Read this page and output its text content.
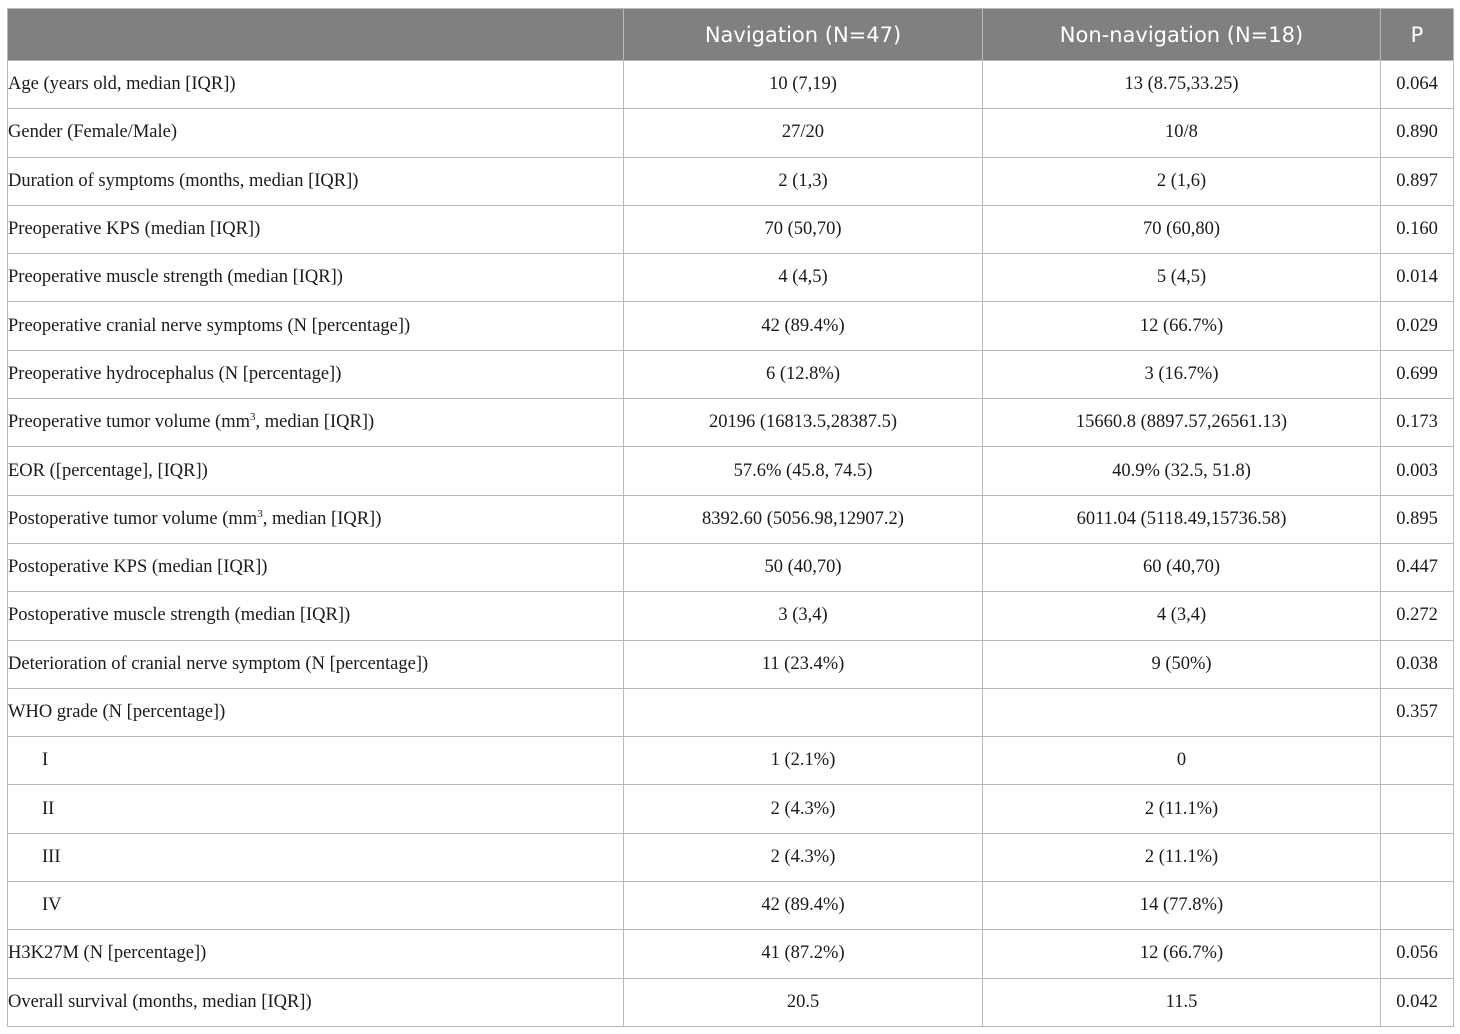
	Navigation (N=47)	Non-navigation (N=18)	P
Age (years old, median [IQR])	10 (7,19)	13 (8.75,33.25)	0.064
Gender (Female/Male)	27/20	10/8	0.890
Duration of symptoms (months, median [IQR])	2 (1,3)	2 (1,6)	0.897
Preoperative KPS (median [IQR])	70 (50,70)	70 (60,80)	0.160
Preoperative muscle strength (median [IQR])	4 (4,5)	5 (4,5)	0.014
Preoperative cranial nerve symptoms (N [percentage])	42 (89.4%)	12 (66.7%)	0.029
Preoperative hydrocephalus (N [percentage])	6 (12.8%)	3 (16.7%)	0.699
Preoperative tumor volume ($mm^3$, median [IQR])	20196 (16813.5,28387.5)	15660.8 (8897.57,26561.13)	0.173
EOR ([percentage], [IQR])	57.6% (45.8, 74.5)	40.9% (32.5, 51.8)	0.003
Postoperative tumor volume ($mm^3$, median [IQR])	8392.60 (5056.98,12907.2)	6011.04 (5118.49,15736.58)	0.895
Postoperative KPS (median [IQR])	50 (40,70)	60 (40,70)	0.447
Postoperative muscle strength (median [IQR])	3 (3,4)	4 (3,4)	0.272
Deterioration of cranial nerve symptom (N [percentage])	11 (23.4%)	9 (50%)	0.038
WHO grade (N [percentage])			0.357
I	1 (2.1%)	0	
II	2 (4.3%)	2 (11.1%)	
III	2 (4.3%)	2 (11.1%)	
IV	42 (89.4%)	14 (77.8%)	
H3K27M (N [percentage])	41 (87.2%)	12 (66.7%)	0.056
Overall survival (months, median [IQR])	20.5	11.5	0.042
